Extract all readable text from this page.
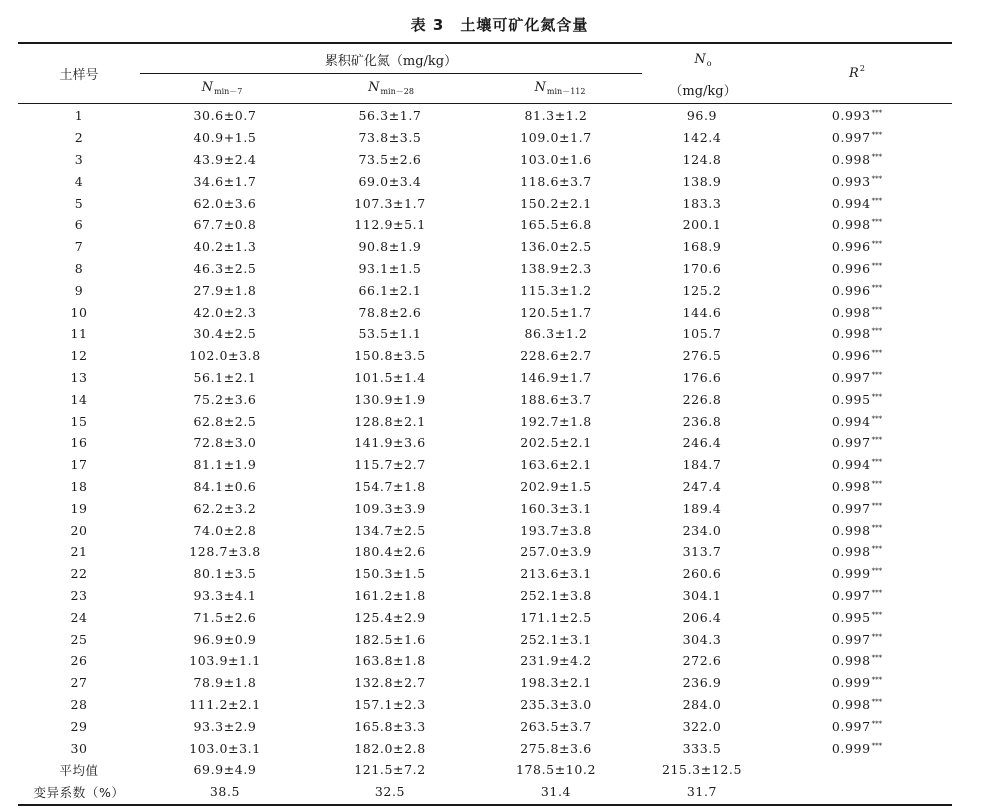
表 3　土壤可矿化氮含量
土样号
累积矿化氮（mg/kg）
$N_{min-7}$	$N_{min-28}$	$N_{min-112}$
$N_o$
（mg/kg）
$R^2$
1	30.6±0.7	56.3±1.7	81.3±1.2	96.9	0.993***
2	40.9+1.5	73.8±3.5	109.0±1.7	142.4	0.997***
3	43.9±2.4	73.5±2.6	103.0±1.6	124.8	0.998***
4	34.6±1.7	69.0±3.4	118.6±3.7	138.9	0.993***
5	62.0±3.6	107.3±1.7	150.2±2.1	183.3	0.994***
6	67.7±0.8	112.9±5.1	165.5±6.8	200.1	0.998***
7	40.2±1.3	90.8±1.9	136.0±2.5	168.9	0.996***
8	46.3±2.5	93.1±1.5	138.9±2.3	170.6	0.996***
9	27.9±1.8	66.1±2.1	115.3±1.2	125.2	0.996***
10	42.0±2.3	78.8±2.6	120.5±1.7	144.6	0.998***
11	30.4±2.5	53.5±1.1	86.3±1.2	105.7	0.998***
12	102.0±3.8	150.8±3.5	228.6±2.7	276.5	0.996***
13	56.1±2.1	101.5±1.4	146.9±1.7	176.6	0.997***
14	75.2±3.6	130.9±1.9	188.6±3.7	226.8	0.995***
15	62.8±2.5	128.8±2.1	192.7±1.8	236.8	0.994***
16	72.8±3.0	141.9±3.6	202.5±2.1	246.4	0.997***
17	81.1±1.9	115.7±2.7	163.6±2.1	184.7	0.994***
18	84.1±0.6	154.7±1.8	202.9±1.5	247.4	0.998***
19	62.2±3.2	109.3±3.9	160.3±3.1	189.4	0.997***
20	74.0±2.8	134.7±2.5	193.7±3.8	234.0	0.998***
21	128.7±3.8	180.4±2.6	257.0±3.9	313.7	0.998***
22	80.1±3.5	150.3±1.5	213.6±3.1	260.6	0.999***
23	93.3±4.1	161.2±1.8	252.1±3.8	304.1	0.997***
24	71.5±2.6	125.4±2.9	171.1±2.5	206.4	0.995***
25	96.9±0.9	182.5±1.6	252.1±3.1	304.3	0.997***
26	103.9±1.1	163.8±1.8	231.9±4.2	272.6	0.998***
27	78.9±1.8	132.8±2.7	198.3±2.1	236.9	0.999***
28	111.2±2.1	157.1±2.3	235.3±3.0	284.0	0.998***
29	93.3±2.9	165.8±3.3	263.5±3.7	322.0	0.997***
30	103.0±3.1	182.0±2.8	275.8±3.6	333.5	0.999***
平均值	69.9±4.9	121.5±7.2	178.5±10.2	215.3±12.5	
变异系数（%）	38.5	32.5	31.4	31.7	
